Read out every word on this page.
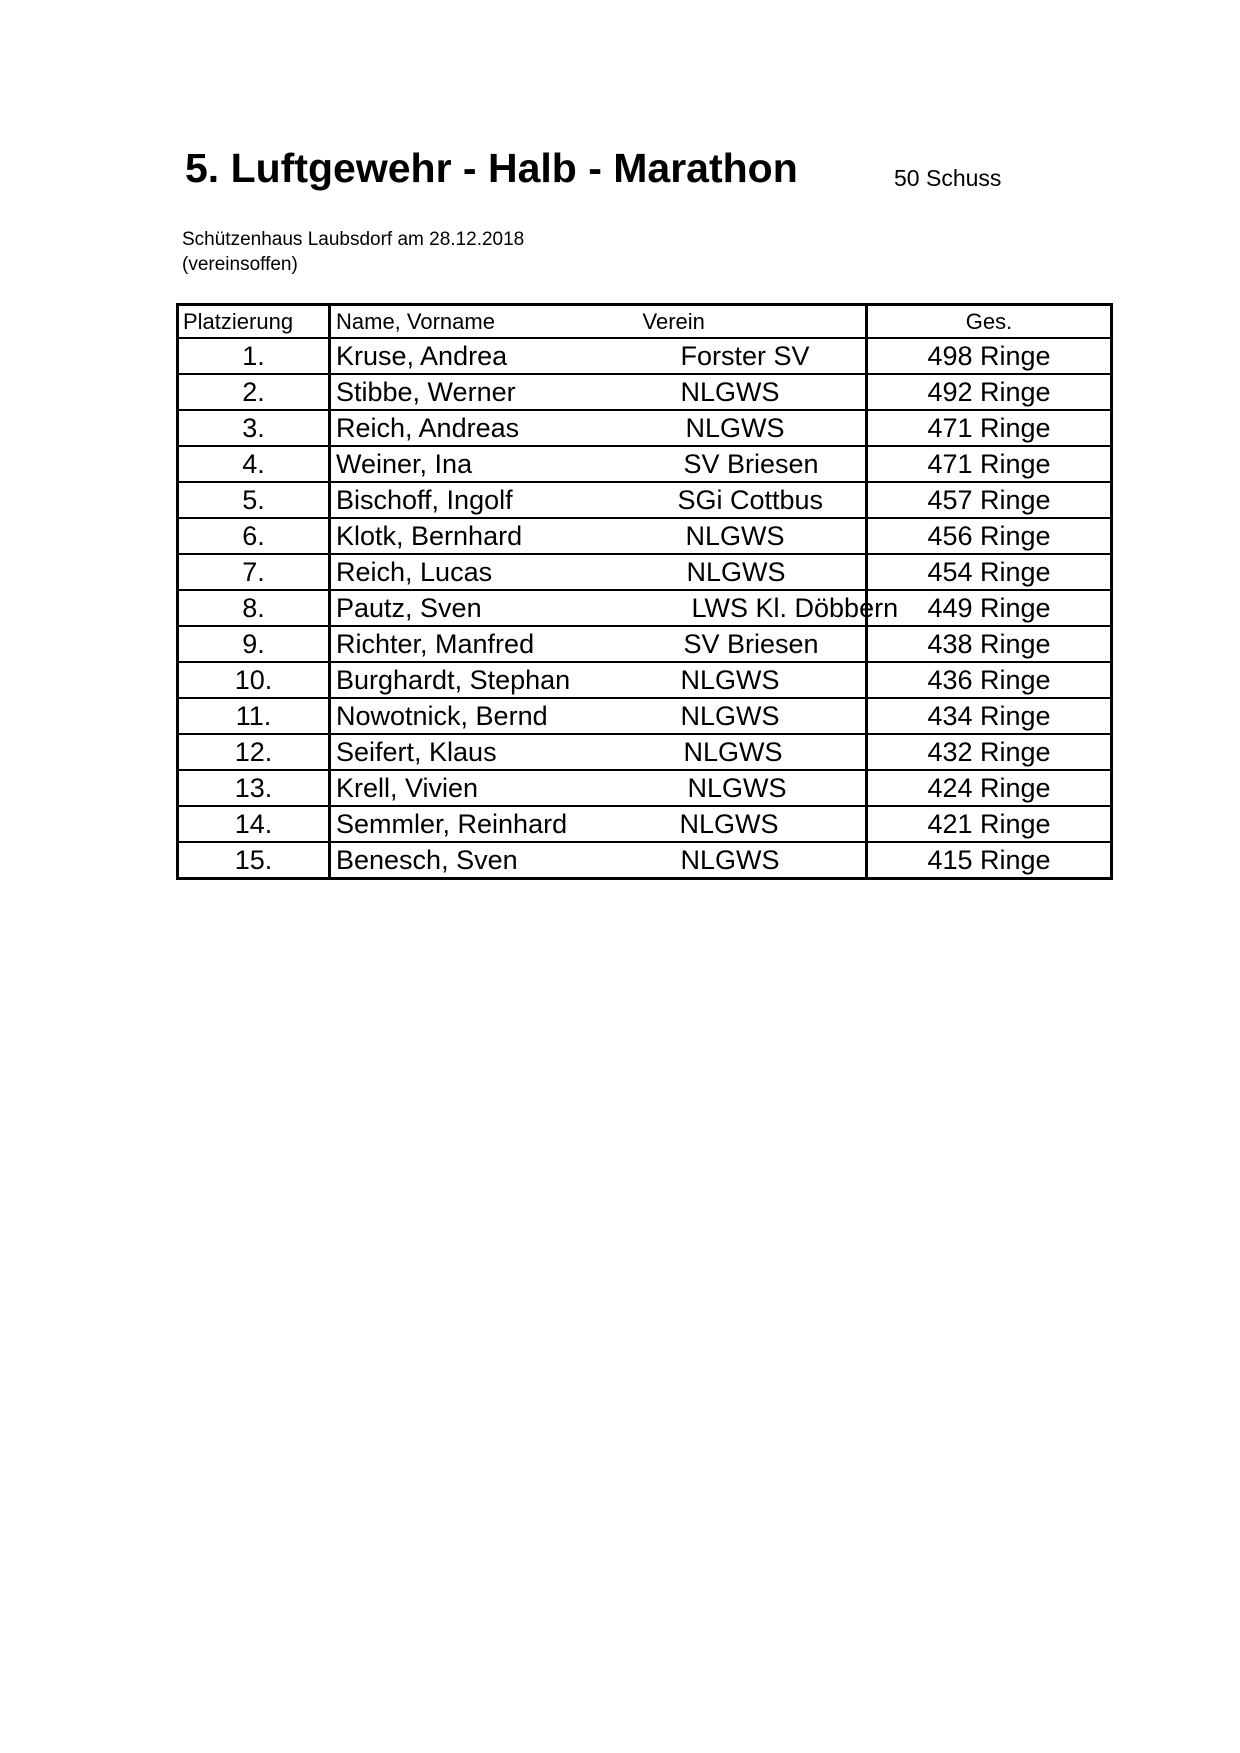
5. Luftgewehr - Halb - Marathon	50 Schuss
Schützenhaus Laubsdorf am 28.12.2018
(vereinsoffen)
Platzierung	Name, Vorname	Verein	Ges.
1.	Kruse, Andrea	Forster SV	498 Ringe
2.	Stibbe, Werner	NLGWS	492 Ringe
3.	Reich, Andreas	NLGWS	471 Ringe
4.	Weiner, Ina	SV Briesen	471 Ringe
5.	Bischoff, Ingolf	SGi Cottbus	457 Ringe
6.	Klotk, Bernhard	NLGWS	456 Ringe
7.	Reich, Lucas	NLGWS	454 Ringe
8.	Pautz, Sven	LWS Kl. Döbbern	449 Ringe
9.	Richter, Manfred	SV Briesen	438 Ringe
10.	Burghardt, Stephan	NLGWS	436 Ringe
11.	Nowotnick, Bernd	NLGWS	434 Ringe
12.	Seifert, Klaus	NLGWS	432 Ringe
13.	Krell, Vivien	NLGWS	424 Ringe
14.	Semmler, Reinhard	NLGWS	421 Ringe
15.	Benesch, Sven	NLGWS	415 Ringe
